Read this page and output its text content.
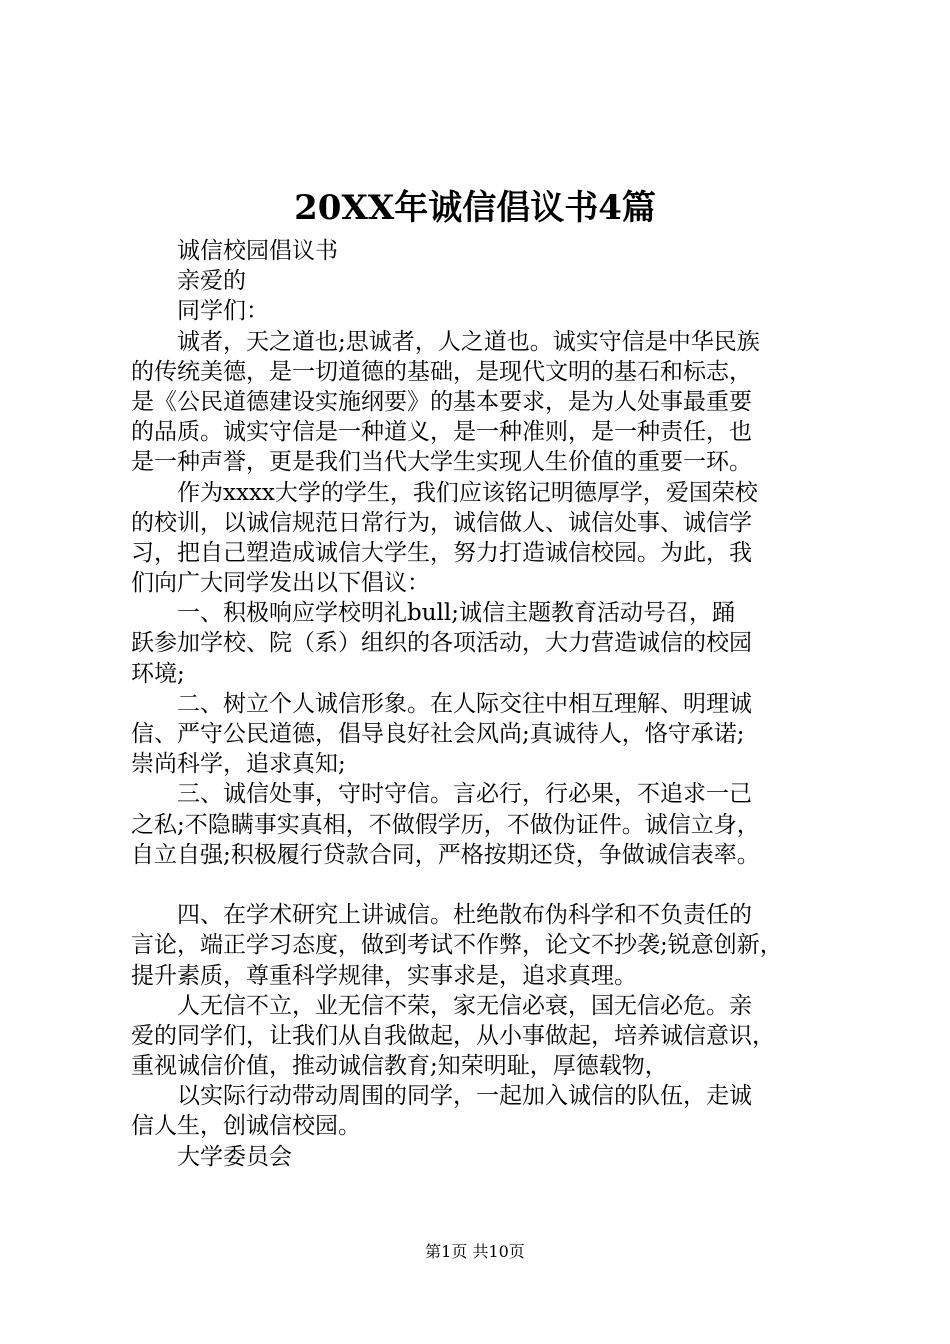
20XX年诚信倡议书4篇
诚信校园倡议书
亲爱的
同学们：
诚者，天之道也;思诚者，人之道也。诚实守信是中华民族
的传统美德，是一切道德的基础，是现代文明的基石和标志，
是《公民道德建设实施纲要》的基本要求，是为人处事最重要
的品质。诚实守信是一种道义，是一种准则，是一种责任，也
是一种声誉，更是我们当代大学生实现人生价值的重要一环。
作为xxxx大学的学生，我们应该铭记明德厚学，爱国荣校
的校训，以诚信规范日常行为，诚信做人、诚信处事、诚信学
习，把自己塑造成诚信大学生，努力打造诚信校园。为此，我
们向广大同学发出以下倡议：
一、积极响应学校明礼bull;诚信主题教育活动号召，踊
跃参加学校、院（系）组织的各项活动，大力营造诚信的校园
环境;
二、树立个人诚信形象。在人际交往中相互理解、明理诚
信、严守公民道德，倡导良好社会风尚;真诚待人，恪守承诺;
崇尚科学，追求真知;
三、诚信处事，守时守信。言必行，行必果，不追求一己
之私;不隐瞒事实真相，不做假学历，不做伪证件。诚信立身，
自立自强;积极履行贷款合同，严格按期还贷，争做诚信表率。
四、在学术研究上讲诚信。杜绝散布伪科学和不负责任的
言论，端正学习态度，做到考试不作弊，论文不抄袭;锐意创新，
提升素质，尊重科学规律，实事求是，追求真理。
人无信不立，业无信不荣，家无信必衰，国无信必危。亲
爱的同学们，让我们从自我做起，从小事做起，培养诚信意识，
重视诚信价值，推动诚信教育;知荣明耻，厚德载物，
以实际行动带动周围的同学，一起加入诚信的队伍，走诚
信人生，创诚信校园。
大学委员会
第1页 共10页
